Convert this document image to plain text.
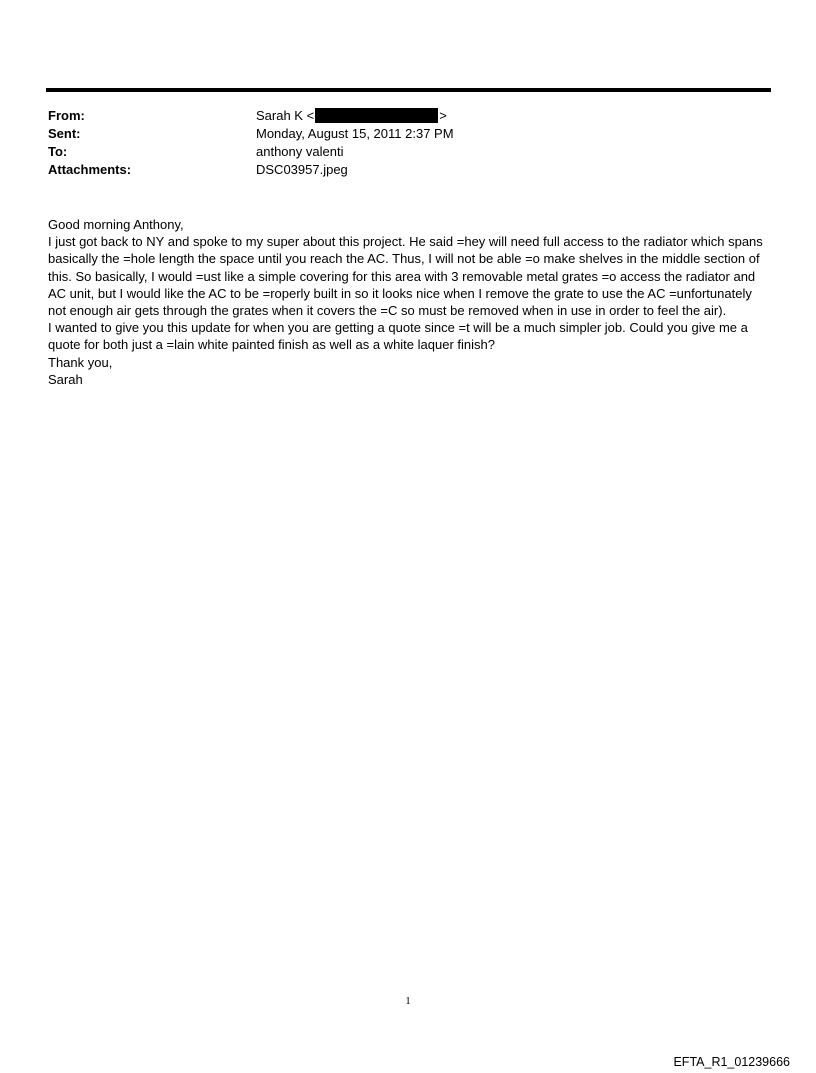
From:	Sarah K <	>
Sent:	Monday, August 15, 2011 2:37 PM
To:	anthony valenti
Attachments:	DSC03957.jpeg

Good morning Anthony,

I just got back to NY and spoke to my super about this project. He said =hey will need full access to the radiator which spans basically the =hole length the space until you reach the AC. Thus, I will not be able =o make shelves in the middle section of this. So basically, I would =ust like a simple covering for this area with 3 removable metal grates =o access the radiator and AC unit, but I would like the AC to be =roperly built in so it looks nice when I remove the grate to use the AC =unfortunately not enough air gets through the grates when it covers the =C so must be removed when in use in order to feel the air).

I wanted to give you this update for when you are getting a quote since =t will be a much simpler job. Could you give me a quote for both just a =lain white painted finish as well as a white laquer finish?

Thank you,

Sarah

1
EFTA_R1_01239666
